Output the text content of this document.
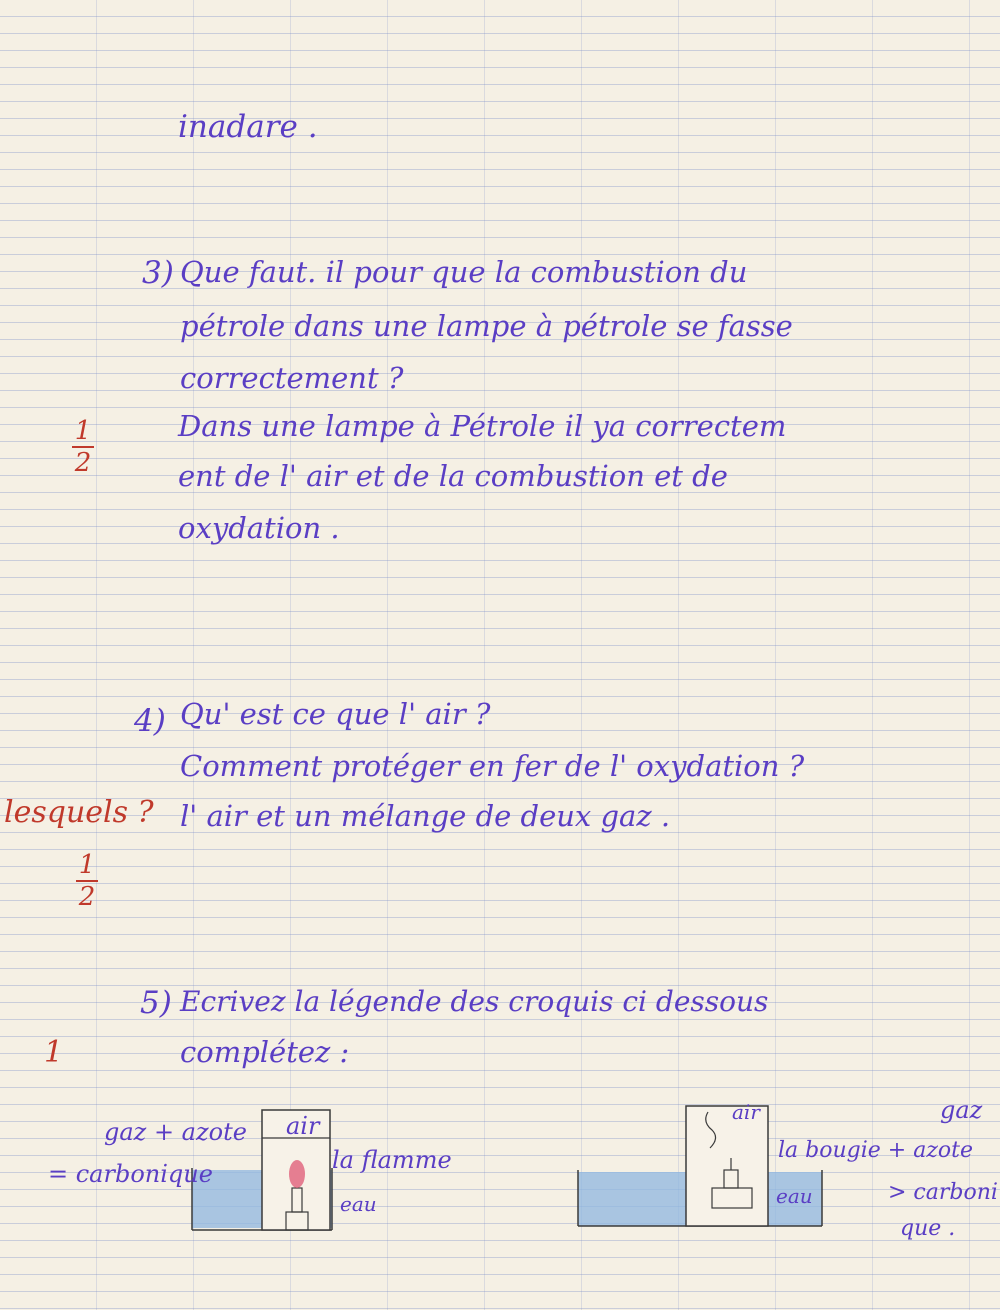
inadare .
3) Que faut. il pour que la combustion du
pétrole dans une lampe à pétrole se fasse
correctement ?
$\frac{1}{2}$	Dans une lampe à Pétrole il ya correctem
ent de l' air et de la combustion et de
oxydation .
4) Qu' est ce que l' air ?
Comment protéger en fer de l' oxydation ?
lesquels ? l' air et un mélange de deux gaz .
$\frac{1}{2}$
5) Ecrivez la légende des croquis ci dessous
complétez :
1
air
gaz + azote
= carbonique	la flamme
eau
air	gaz
la bougie + azote
eau	> carboni
que .
